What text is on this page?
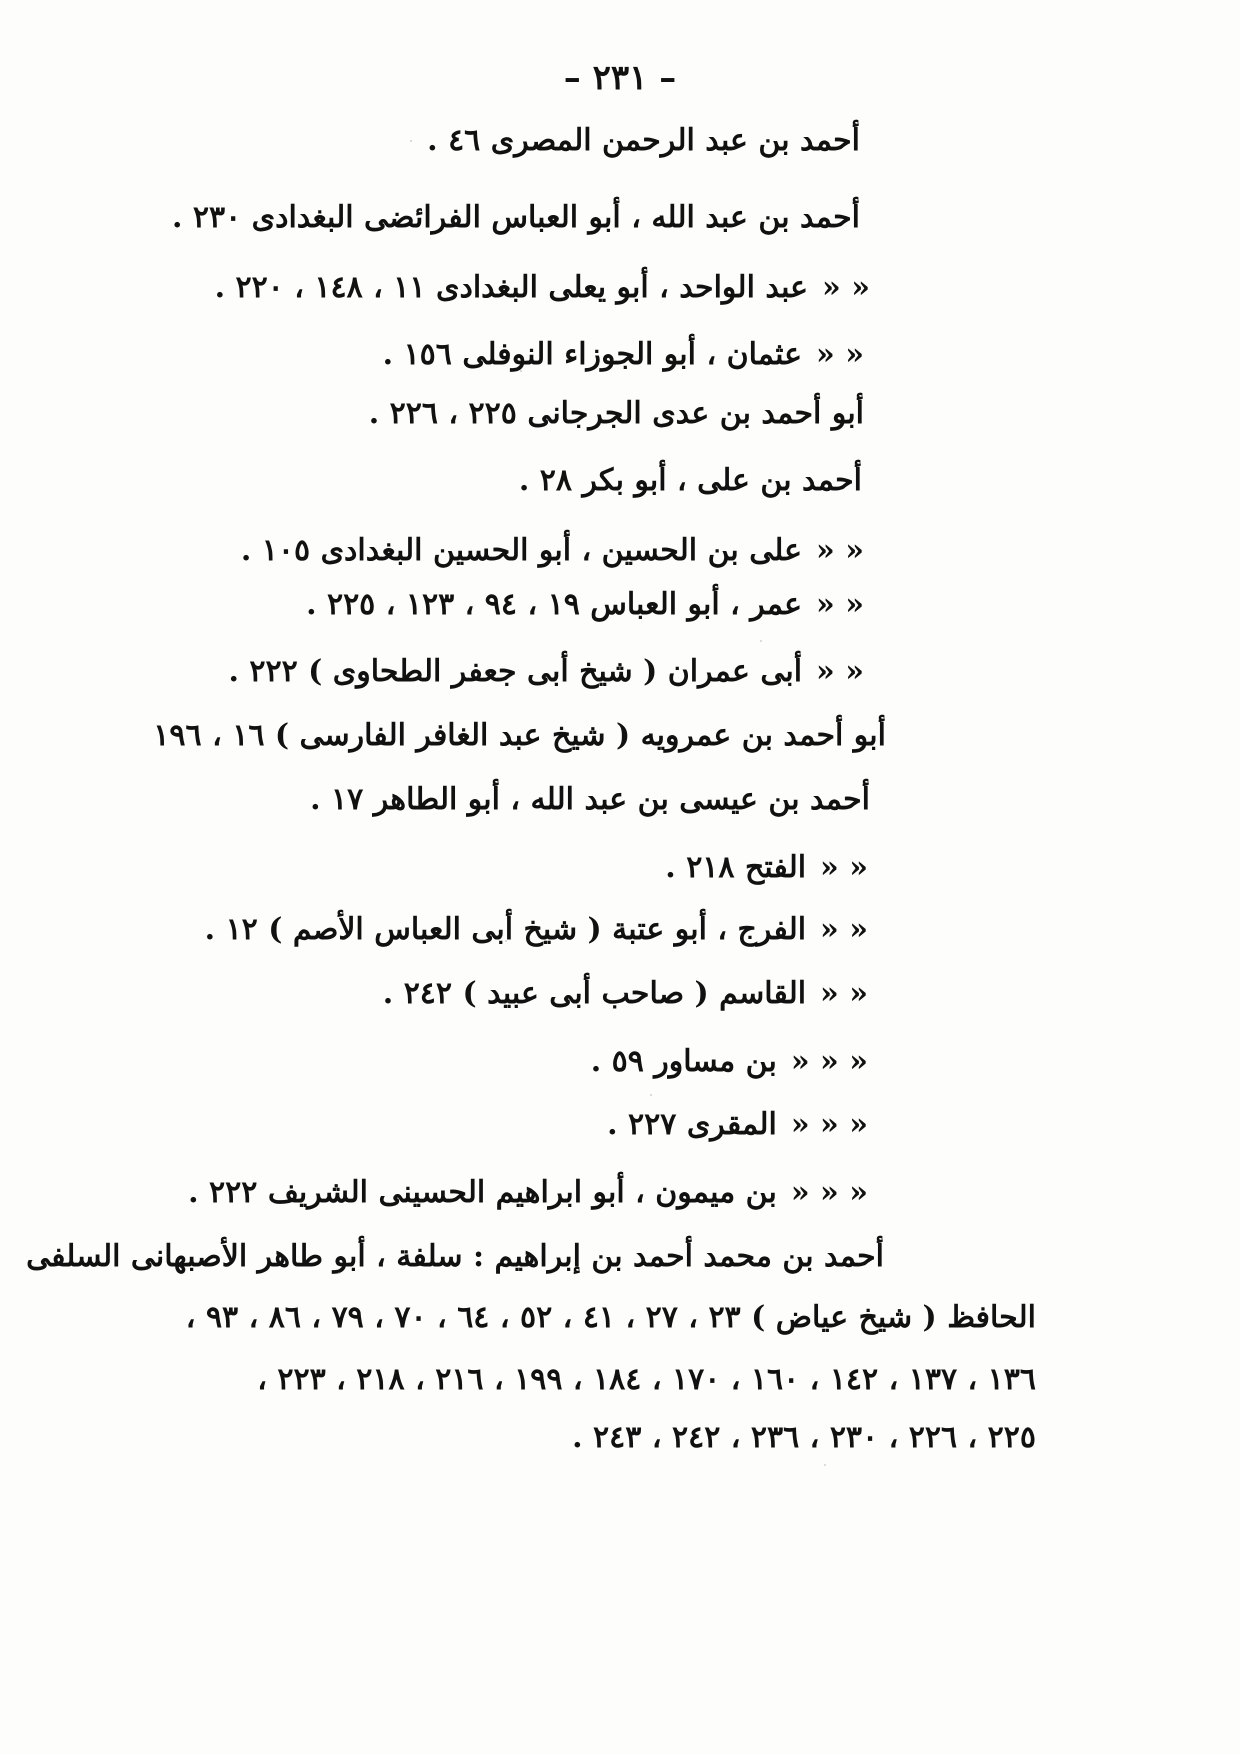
– ٢٣١ –
أحمد بن عبد الرحمن المصرى ٤٦ .
أحمد بن عبد الله ، أبو العباس الفرائضى البغدادى ٢٣٠ .
« «عبد الواحد ، أبو يعلى البغدادى ١١ ، ١٤٨ ، ٢٢٠ .
« «عثمان ، أبو الجوزاء النوفلى ١٥٦ .
أبو أحمد بن عدى الجرجانى ٢٢٥ ، ٢٢٦ .
أحمد بن على ، أبو بكر ٢٨ .
« «على بن الحسين ، أبو الحسين البغدادى ١٠٥ .
« «عمر ، أبو العباس ١٩ ، ٩٤ ، ١٢٣ ، ٢٢٥ .
« «أبى عمران ( شيخ أبى جعفر الطحاوى ) ٢٢٢ .
أبو أحمد بن عمرويه ( شيخ عبد الغافر الفارسى ) ١٦ ، ١٩٦
أحمد بن عيسى بن عبد الله ، أبو الطاهر ١٧ .
« «الفتح ٢١٨ .
« «الفرج ، أبو عتبة ( شيخ أبى العباس الأصم ) ١٢ .
« «القاسم ( صاحب أبى عبيد ) ٢٤٢ .
« « «بن مساور ٥٩ .
« « «المقرى ٢٢٧ .
« « «بن ميمون ، أبو ابراهيم الحسينى الشريف ٢٢٢ .
أحمد بن محمد أحمد بن إبراهيم : سلفة ، أبو طاهر الأصبهانى السلفى
الحافظ ( شيخ عياض ) ٢٣ ، ٢٧ ، ٤١ ، ٥٢ ، ٦٤ ، ٧٠ ، ٧٩ ، ٨٦ ، ٩٣ ،
١٣٦ ، ١٣٧ ، ١٤٢ ، ١٦٠ ، ١٧٠ ، ١٨٤ ، ١٩٩ ، ٢١٦ ، ٢١٨ ، ٢٢٣ ،
٢٢٥ ، ٢٢٦ ، ٢٣٠ ، ٢٣٦ ، ٢٤٢ ، ٢٤٣ .
